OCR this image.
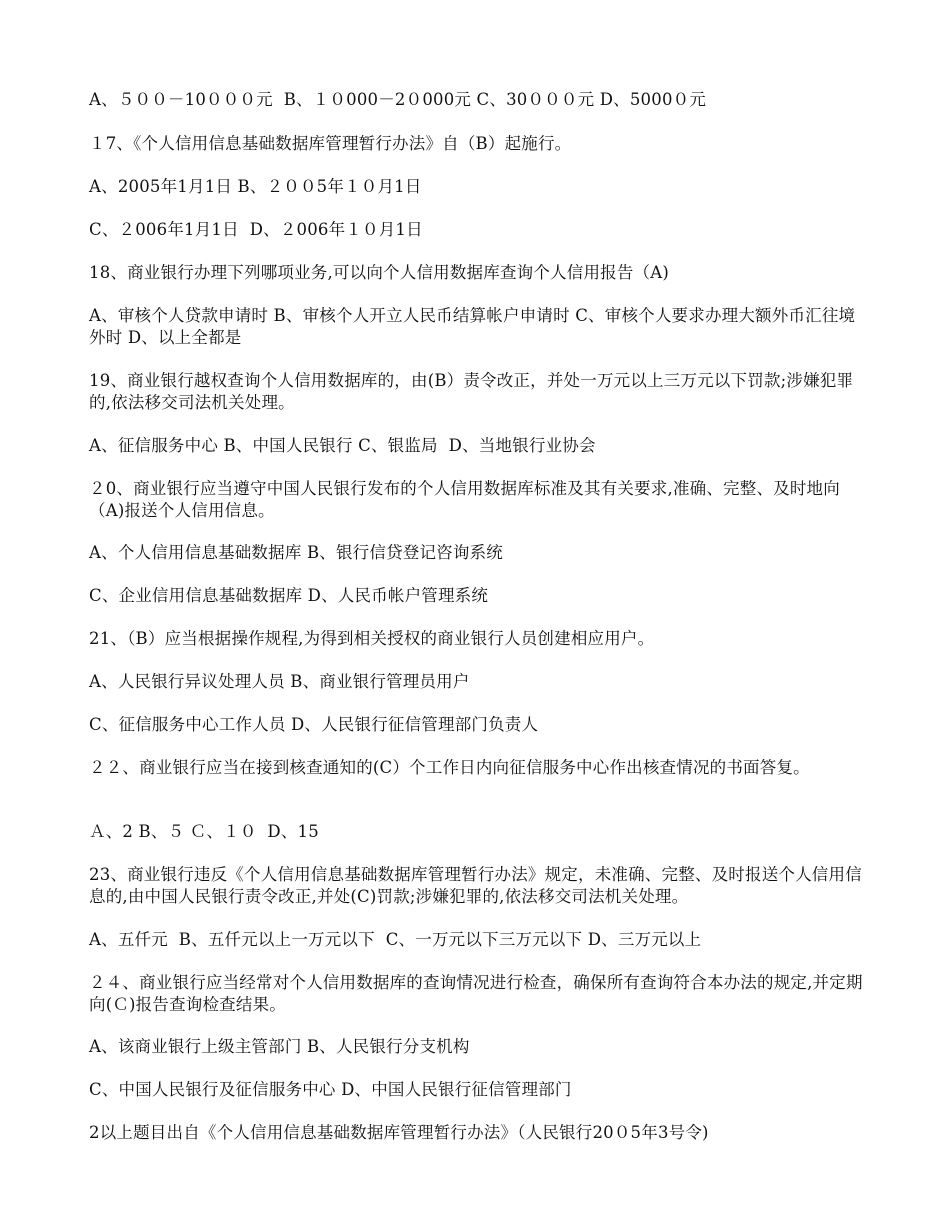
A、５００－10０００元  B、１０000－2０000元 C、30０００元 D、5000０元
１7、《个人信用信息基础数据库管理暂行办法》自（B）起施行。
A、2005年1月1日 B、２００5年１０月1日
C、２006年1月1日  D、２006年１０月1日
18、商业银行办理下列哪项业务,可以向个人信用数据库查询个人信用报告（A)
A、审核个人贷款申请时 B、审核个人开立人民币结算帐户申请时 C、审核个人要求办理大额外币汇往境外时 D、以上全都是
19、商业银行越权查询个人信用数据库的，由(B）责令改正，并处一万元以上三万元以下罚款;涉嫌犯罪的,依法移交司法机关处理。
A、征信服务中心 B、中国人民银行 C、银监局  D、当地银行业协会
２0、商业银行应当遵守中国人民银行发布的个人信用数据库标准及其有关要求,准确、完整、及时地向（A)报送个人信用信息。
A、个人信用信息基础数据库 B、银行信贷登记咨询系统
C、企业信用信息基础数据库 D、人民币帐户管理系统
21、（B）应当根据操作规程,为得到相关授权的商业银行人员创建相应用户。
A、人民银行异议处理人员 B、商业银行管理员用户
C、征信服务中心工作人员 D、人民银行征信管理部门负责人
２２、商业银行应当在接到核查通知的(C）个工作日内向征信服务中心作出核查情况的书面答复。
Ａ、2 B、５ Ｃ、１０  D、15
23、商业银行违反《个人信用信息基础数据库管理暂行办法》规定，未准确、完整、及时报送个人信用信息的,由中国人民银行责令改正,并处(C)罚款;涉嫌犯罪的,依法移交司法机关处理。
A、五仟元  B、五仟元以上一万元以下  C、一万元以下三万元以下 D、三万元以上
２４、商业银行应当经常对个人信用数据库的查询情况进行检查，确保所有查询符合本办法的规定,并定期向(Ｃ)报告查询检查结果。
A、该商业银行上级主管部门 B、人民银行分支机构
C、中国人民银行及征信服务中心 D、中国人民银行征信管理部门
2以上题目出自《个人信用信息基础数据库管理暂行办法》（人民银行20０5年3号令)
